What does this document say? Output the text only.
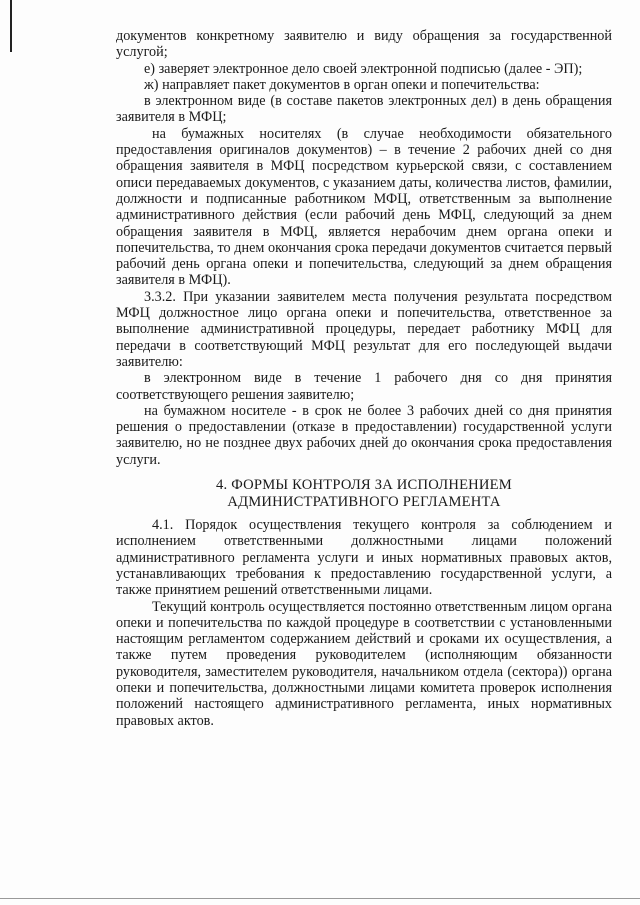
документов конкретному заявителю и виду обращения за государственной услугой;

е) заверяет электронное дело своей электронной подписью (далее - ЭП);

ж) направляет пакет документов в орган опеки и попечительства:

в электронном виде (в составе пакетов электронных дел) в день обращения заявителя в МФЦ;

на бумажных носителях (в случае необходимости обязательного предоставления оригиналов документов) – в течение 2 рабочих дней со дня обращения заявителя в МФЦ посредством курьерской связи, с составлением описи передаваемых документов, с указанием даты, количества листов, фамилии, должности и подписанные работником МФЦ, ответственным за выполнение административного действия (если рабочий день МФЦ, следующий за днем обращения заявителя в МФЦ, является нерабочим днем органа опеки и попечительства, то днем окончания срока передачи документов считается первый рабочий день органа опеки и попечительства, следующий за днем обращения заявителя в МФЦ).

3.3.2. При указании заявителем места получения результата посредством МФЦ должностное лицо органа опеки и попечительства, ответственное за выполнение административной процедуры, передает работнику МФЦ для передачи в соответствующий МФЦ результат для его последующей выдачи заявителю:

в электронном виде в течение 1 рабочего дня со дня принятия соответствующего решения заявителю;

на бумажном носителе - в срок не более 3 рабочих дней со дня принятия решения о предоставлении (отказе в предоставлении) государственной услуги заявителю, но не позднее двух рабочих дней до окончания срока предоставления услуги.

4. ФОРМЫ КОНТРОЛЯ ЗА ИСПОЛНЕНИЕМ

АДМИНИСТРАТИВНОГО РЕГЛАМЕНТА

4.1. Порядок осуществления текущего контроля за соблюдением и исполнением ответственными должностными лицами положений административного регламента услуги и иных нормативных правовых актов, устанавливающих требования к предоставлению государственной услуги, а также принятием решений ответственными лицами.

Текущий контроль осуществляется постоянно ответственным лицом органа опеки и попечительства по каждой процедуре в соответствии с установленными настоящим регламентом содержанием действий и сроками их осуществления, а также путем проведения руководителем (исполняющим обязанности руководителя, заместителем руководителя, начальником отдела (сектора)) органа опеки и попечительства, должностными лицами комитета проверок исполнения положений настоящего административного регламента, иных нормативных правовых актов.
